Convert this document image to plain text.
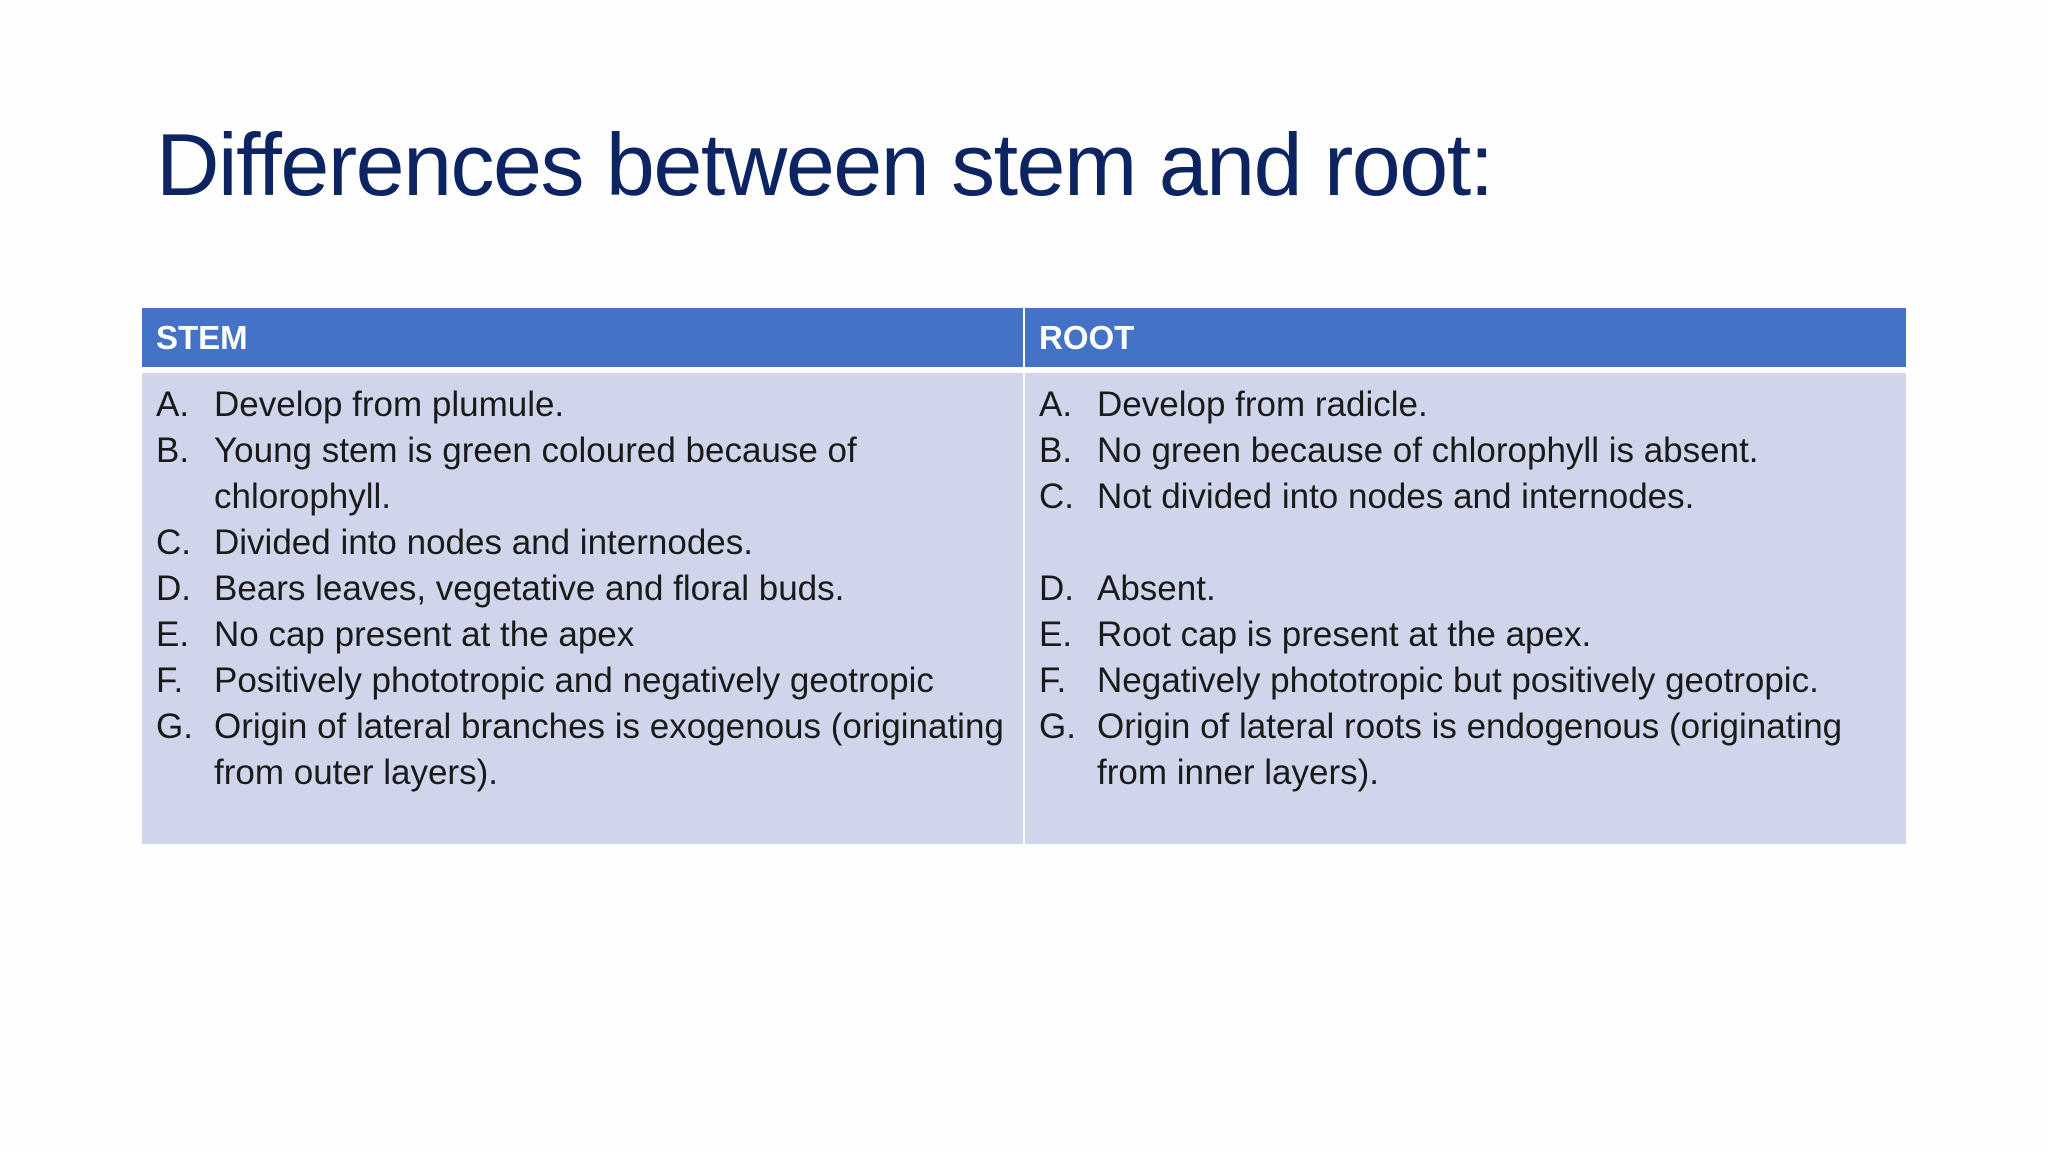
Differences between stem and root:
STEM	ROOT
A. Develop from plumule.
B. Young stem is green coloured because of chlorophyll.
C. Divided into nodes and internodes.
D. Bears leaves, vegetative and floral buds.
E. No cap present at the apex
F. Positively phototropic and negatively geotropic
G. Origin of lateral branches is exogenous (originating from outer layers).
A. Develop from radicle.
B. No green because of chlorophyll is absent.
C. Not divided into nodes and internodes.
D. Absent.
E. Root cap is present at the apex.
F. Negatively phototropic but positively geotropic.
G. Origin of lateral roots is endogenous (originating from inner layers).
